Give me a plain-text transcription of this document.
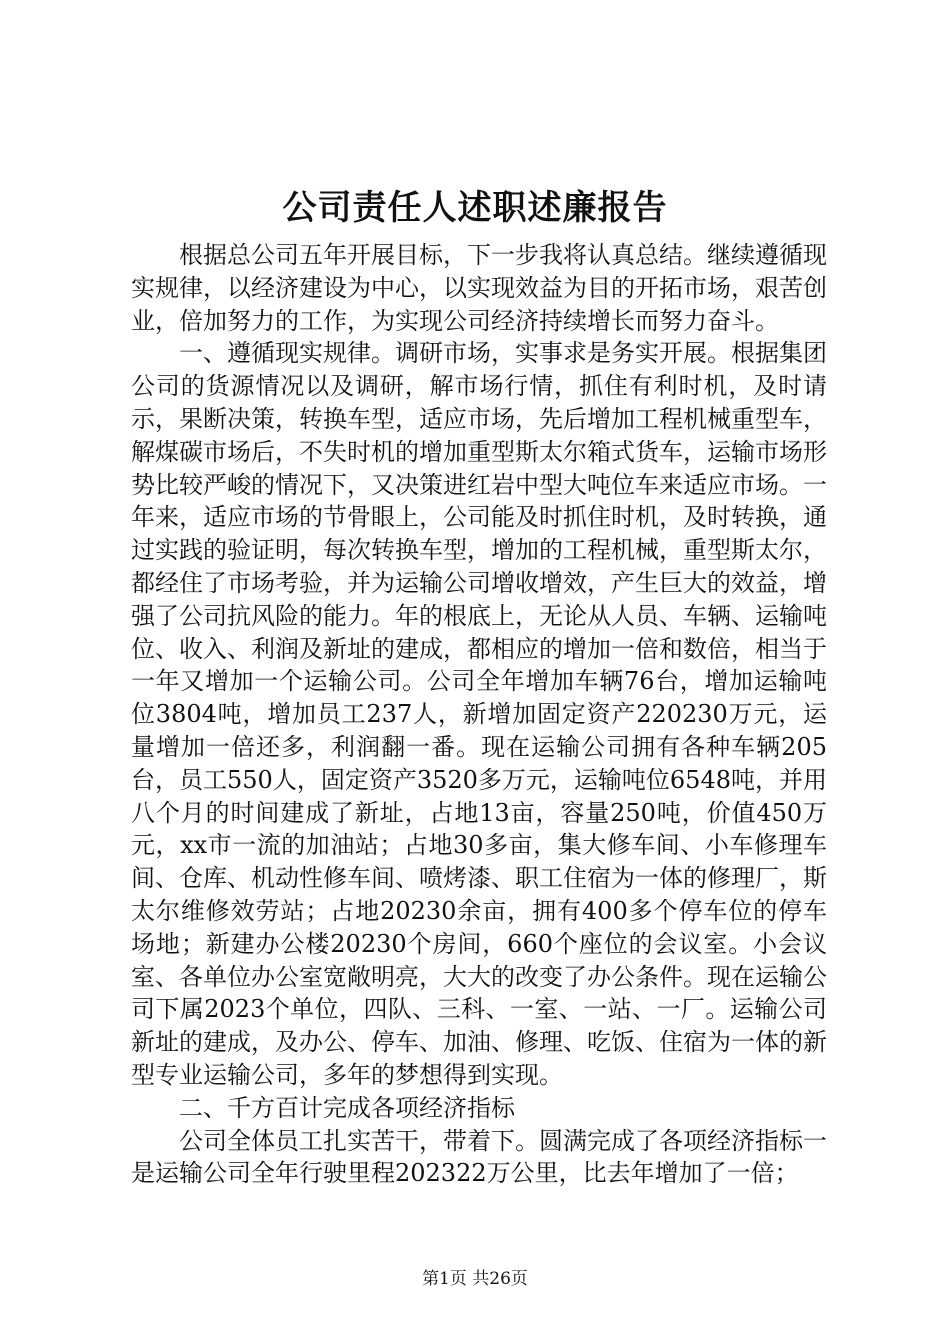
公司责任人述职述廉报告

根据总公司五年开展目标，下一步我将认真总结。继续遵循现实规律，以经济建设为中心，以实现效益为目的开拓市场，艰苦创业，倍加努力的工作，为实现公司经济持续增长而努力奋斗。

一、遵循现实规律。调研市场，实事求是务实开展。根据集团公司的货源情况以及调研，解市场行情，抓住有利时机，及时请示，果断决策，转换车型，适应市场，先后增加工程机械重型车，解煤碳市场后，不失时机的增加重型斯太尔箱式货车，运输市场形势比较严峻的情况下，又决策进红岩中型大吨位车来适应市场。一年来，适应市场的节骨眼上，公司能及时抓住时机，及时转换，通过实践的验证明，每次转换车型，增加的工程机械，重型斯太尔，都经住了市场考验，并为运输公司增收增效，产生巨大的效益，增强了公司抗风险的能力。年的根底上，无论从人员、车辆、运输吨位、收入、利润及新址的建成，都相应的增加一倍和数倍，相当于一年又增加一个运输公司。公司全年增加车辆76台，增加运输吨位3804吨，增加员工237人，新增加固定资产220230万元，运量增加一倍还多，利润翻一番。现在运输公司拥有各种车辆205台，员工550人，固定资产3520多万元，运输吨位6548吨，并用八个月的时间建成了新址，占地13亩，容量250吨，价值450万元，xx市一流的加油站；占地30多亩，集大修车间、小车修理车间、仓库、机动性修车间、喷烤漆、职工住宿为一体的修理厂，斯太尔维修效劳站；占地20230余亩，拥有400多个停车位的停车场地；新建办公楼20230个房间，660个座位的会议室。小会议室、各单位办公室宽敞明亮，大大的改变了办公条件。现在运输公司下属2023个单位，四队、三科、一室、一站、一厂。运输公司新址的建成，及办公、停车、加油、修理、吃饭、住宿为一体的新型专业运输公司，多年的梦想得到实现。

二、千方百计完成各项经济指标

公司全体员工扎实苦干，带着下。圆满完成了各项经济指标一是运输公司全年行驶里程202322万公里，比去年增加了一倍；

第1页 共26页
